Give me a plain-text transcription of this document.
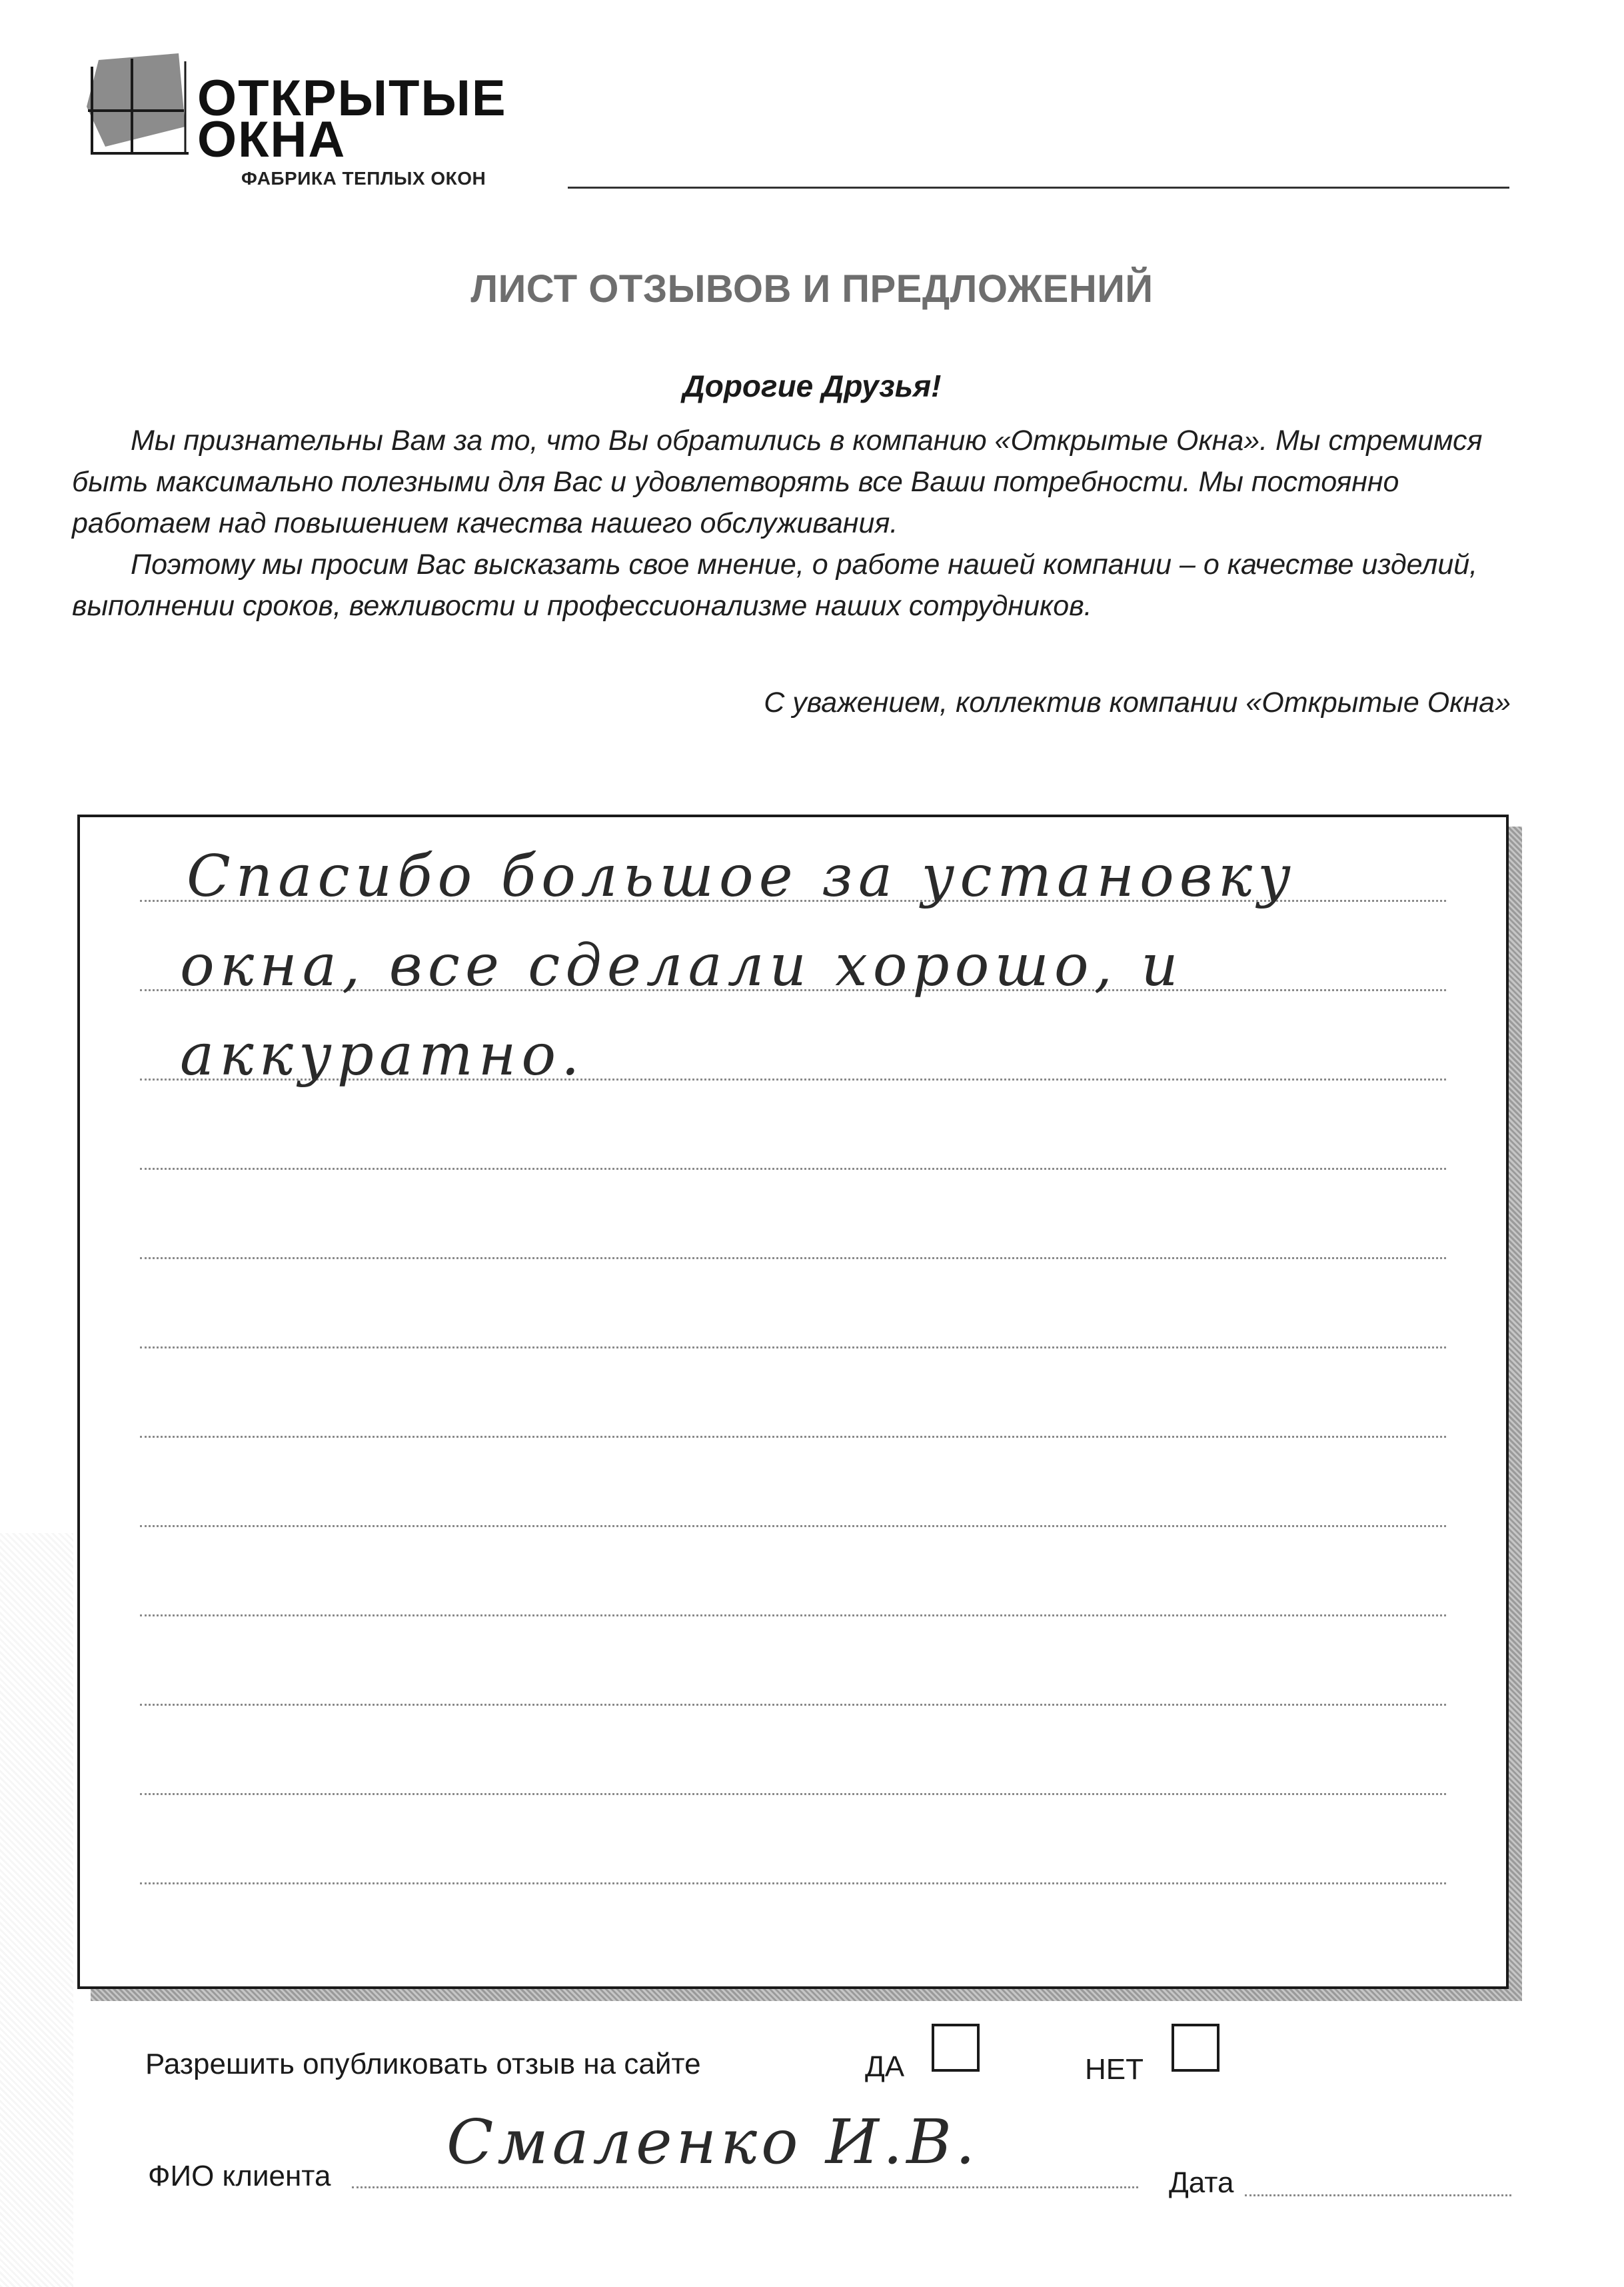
ОТКРЫТЫЕ
ОКНА
ФАБРИКА ТЕПЛЫХ ОКОН
ЛИСТ ОТЗЫВОВ И ПРЕДЛОЖЕНИЙ
Дорогие Друзья!

Мы признательны Вам за то, что Вы обратились в компанию «Открытые Окна». Мы стремимся быть максимально полезными для Вас и удовлетворять все Ваши потребности. Мы постоянно работаем над повышением качества нашего обслуживания.

Поэтому мы просим Вас высказать свое мнение, о работе нашей компании – о качестве изделий, выполнении сроков, вежливости и профессионализме наших сотрудников.

С уважением, коллектив компании «Открытые Окна»
Спасибо большое за установку
окна, все сделали хорошо, и
аккуратно.
Разрешить опубликовать отзыв на сайте	ДА	НЕТ
ФИО клиента Смаленко И.В.
Дата
